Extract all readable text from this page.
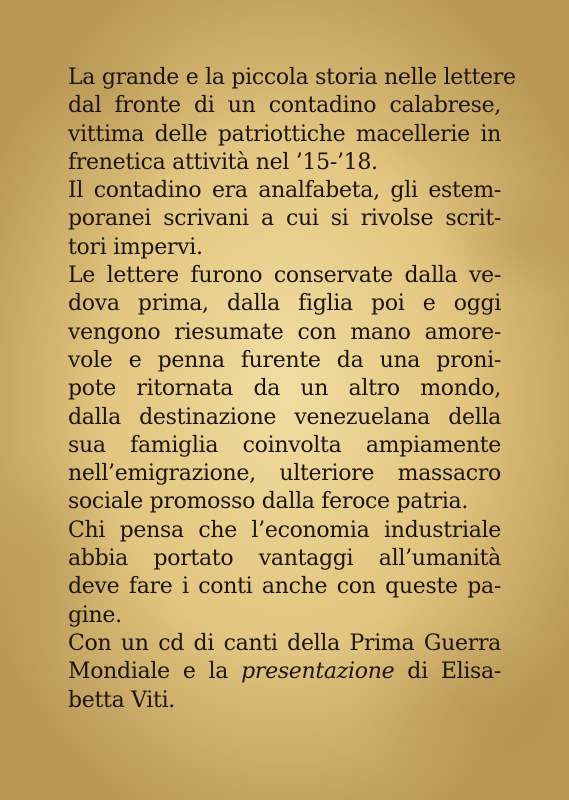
La grande e la piccola storia nelle lettere
dal fronte di un contadino calabrese,
vittima delle patriottiche macellerie in
frenetica attività nel ’15-’18.
Il contadino era analfabeta, gli estem-
poranei scrivani a cui si rivolse scrit-
tori impervi.
Le lettere furono conservate dalla ve-
dova prima, dalla figlia poi e oggi
vengono riesumate con mano amore-
vole e penna furente da una proni-
pote ritornata da un altro mondo,
dalla destinazione venezuelana della
sua famiglia coinvolta ampiamente
nell’emigrazione, ulteriore massacro
sociale promosso dalla feroce patria.
Chi pensa che l’economia industriale
abbia portato vantaggi all’umanità
deve fare i conti anche con queste pa-
gine.
Con un cd di canti della Prima Guerra
Mondiale e la presentazione di Elisa-
betta Viti.
